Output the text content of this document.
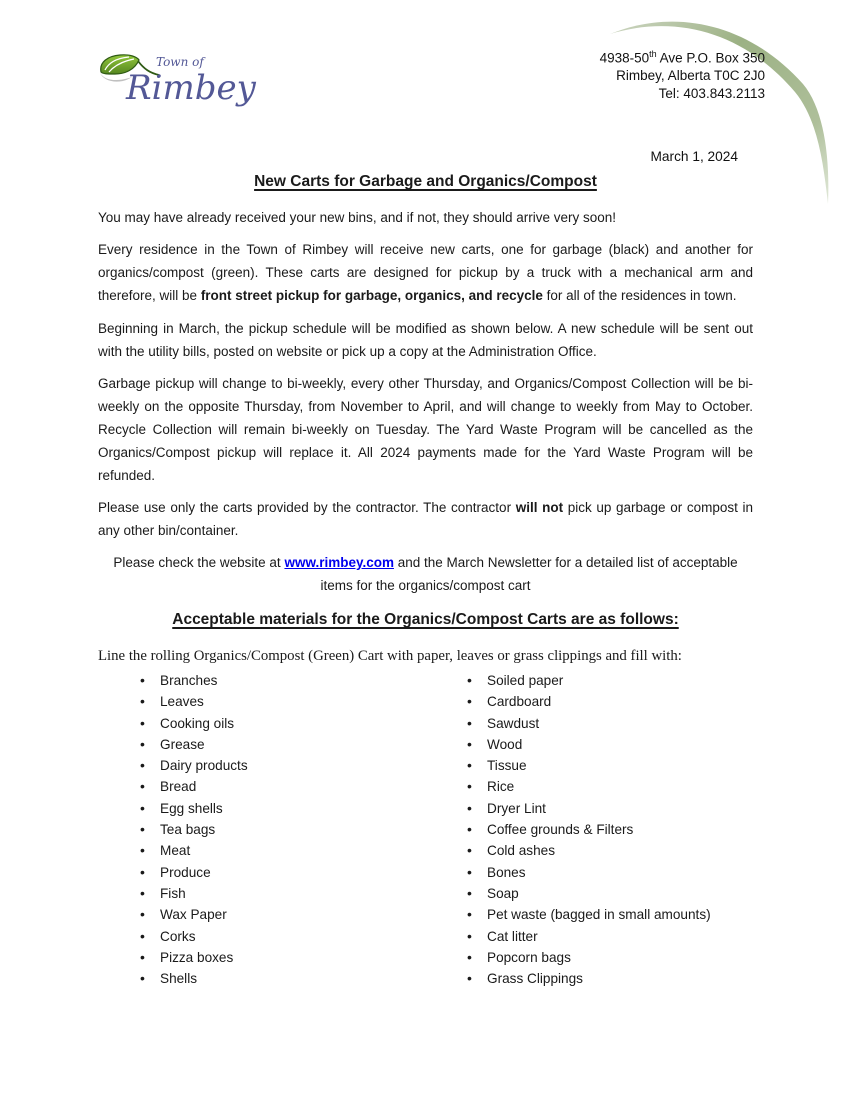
Town of
Rimbey
4938-50th Ave P.O. Box 350
Rimbey, Alberta T0C 2J0
Tel: 403.843.2113
March 1, 2024
New Carts for Garbage and Organics/Compost

You may have already received your new bins, and if not, they should arrive very soon!

Every residence in the Town of Rimbey will receive new carts, one for garbage (black) and another for organics/compost (green). These carts are designed for pickup by a truck with a mechanical arm and therefore, will be front street pickup for garbage, organics, and recycle for all of the residences in town.

Beginning in March, the pickup schedule will be modified as shown below. A new schedule will be sent out with the utility bills, posted on website or pick up a copy at the Administration Office.

Garbage pickup will change to bi-weekly, every other Thursday, and Organics/Compost Collection will be bi-weekly on the opposite Thursday, from November to April, and will change to weekly from May to October. Recycle Collection will remain bi-weekly on Tuesday. The Yard Waste Program will be cancelled as the Organics/Compost pickup will replace it. All 2024 payments made for the Yard Waste Program will be refunded.

Please use only the carts provided by the contractor. The contractor will not pick up garbage or compost in any other bin/container.

Please check the website at www.rimbey.com and the March Newsletter for a detailed list of acceptable items for the organics/compost cart

Acceptable materials for the Organics/Compost Carts are as follows:

Line the rolling Organics/Compost (Green) Cart with paper, leaves or grass clippings and fill with:

• Branches
• Leaves
• Cooking oils
• Grease
• Dairy products
• Bread
• Egg shells
• Tea bags
• Meat
• Produce
• Fish
• Wax Paper
• Corks
• Pizza boxes
• Shells
• Soiled paper
• Cardboard
• Sawdust
• Wood
• Tissue
• Rice
• Dryer Lint
• Coffee grounds & Filters
• Cold ashes
• Bones
• Soap
• Pet waste (bagged in small amounts)
• Cat litter
• Popcorn bags
• Grass Clippings
